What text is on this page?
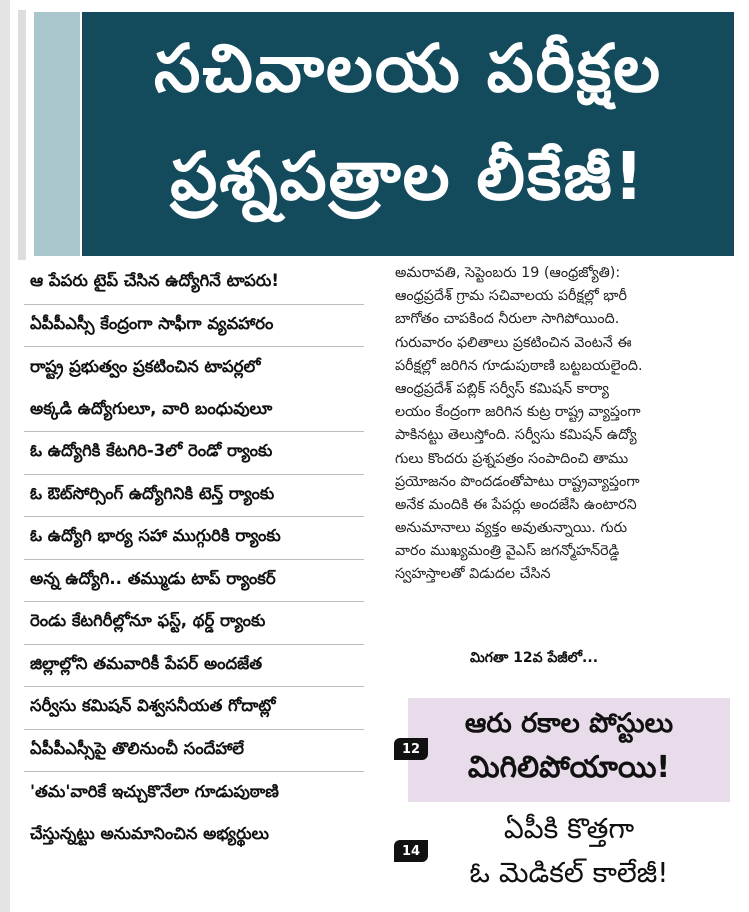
సచివాలయ పరీక్షల
ప్రశ్నపత్రాల లీకేజీ!
ఆ పేపరు టైప్‌ చేసిన ఉద్యోగినే టాపరు!
ఏపీపీఎస్సీ కేంద్రంగా సాఫీగా వ్యవహారం
రాష్ట్ర ప్రభుత్వం ప్రకటించిన టాపర్లలో
అక్కడి ఉద్యోగులూ, వారి బంధువులూ
ఓ ఉద్యోగికి కేటగిరి-3లో రెండో ర్యాంకు
ఓ ఔట్‌సోర్సింగ్‌ ఉద్యోగినికి టెన్త్‌ ర్యాంకు
ఓ ఉద్యోగి భార్య సహా ముగ్గురికి ర్యాంకు
అన్న ఉద్యోగి.. తమ్ముడు టాప్‌ ర్యాంకర్‌
రెండు కేటగిరీల్లోనూ ఫస్ట్‌, థర్డ్‌ ర్యాంకు
జిల్లాల్లోని తమవారికీ పేపర్‌ అందజేత
సర్వీసు కమిషన్‌ విశ్వసనీయత గోదాట్లో
ఏపీపీఎస్సీపై తొలినుంచీ సందేహాలే
'తమ'వారికే ఇచ్చుకొనేలా గూడుపుఠాణి
చేస్తున్నట్టు అనుమానించిన అభ్యర్థులు
అమరావతి, సెప్టెంబరు 19 (ఆంధ్రజ్యోతి):
ఆంధ్రప్రదేశ్‌ గ్రామ సచివాలయ పరీక్షల్లో భారీ
బాగోతం చాపకింద నీరులా సాగిపోయింది.
గురువారం ఫలితాలు ప్రకటించిన వెంటనే ఈ
పరీక్షల్లో జరిగిన గూడుపుఠాణి బట్టబయలైంది.
ఆంధ్రప్రదేశ్‌ పబ్లిక్‌ సర్వీస్‌ కమిషన్‌ కార్యా
లయం కేంద్రంగా జరిగిన కుట్ర రాష్ట్ర వ్యాప్తంగా
పాకినట్టు తెలుస్తోంది. సర్వీసు కమిషన్‌ ఉద్యో
గులు కొందరు ప్రశ్నపత్రం సంపాదించి తాము
ప్రయోజనం పొందడంతోపాటు రాష్ట్రవ్యాప్తంగా
అనేక మందికి ఈ పేపర్లు అందజేసి ఉంటారని
అనుమానాలు వ్యక్తం అవుతున్నాయి. గురు
వారం ముఖ్యమంత్రి వైఎస్‌ జగన్మోహన్‌రెడ్డి
స్వహస్తాలతో విడుదల చేసిన
మిగతా 12వ పేజీలో...
ఆరు రకాల పోస్టులు
మిగిలిపోయాయి!
12
ఏపీకి కొత్తగా
ఓ మెడికల్‌ కాలేజీ!
14
